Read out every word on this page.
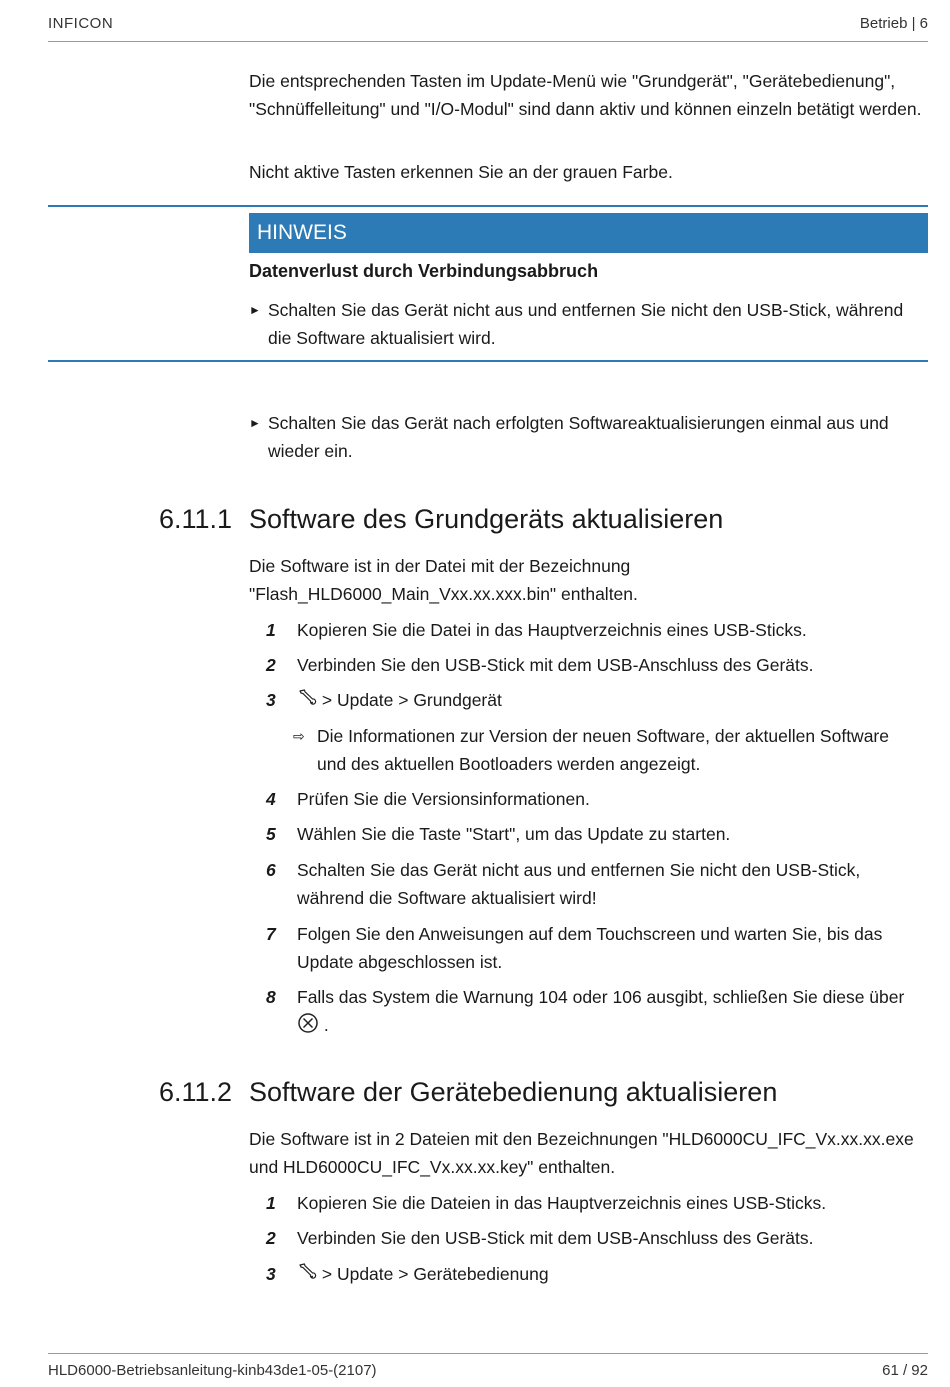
INFICON	Betrieb | 6

Die entsprechenden Tasten im Update-Menü wie "Grundgerät", "Gerätebedienung", "Schnüffelleitung" und "I/O-Modul" sind dann aktiv und können einzeln betätigt werden.

Nicht aktive Tasten erkennen Sie an der grauen Farbe.

HINWEIS
Datenverlust durch Verbindungsabbruch
► Schalten Sie das Gerät nicht aus und entfernen Sie nicht den USB-Stick, während die Software aktualisiert wird.
► Schalten Sie das Gerät nach erfolgten Softwareaktualisierungen einmal aus und wieder ein.
6.11.1 Software des Grundgeräts aktualisieren

Die Software ist in der Datei mit der Bezeichnung "Flash_HLD6000_Main_Vxx.xx.xxx.bin" enthalten.

1 Kopieren Sie die Datei in das Hauptverzeichnis eines USB-Sticks.
2 Verbinden Sie den USB-Stick mit dem USB-Anschluss des Geräts.
3	> Update > Grundgerät
⇨ Die Informationen zur Version der neuen Software, der aktuellen Software und des aktuellen Bootloaders werden angezeigt.
4 Prüfen Sie die Versionsinformationen.
5 Wählen Sie die Taste "Start", um das Update zu starten.
6 Schalten Sie das Gerät nicht aus und entfernen Sie nicht den USB-Stick, während die Software aktualisiert wird!
7 Folgen Sie den Anweisungen auf dem Touchscreen und warten Sie, bis das Update abgeschlossen ist.
8 Falls das System die Warnung 104 oder 106 ausgibt, schließen Sie diese über
.
6.11.2 Software der Gerätebedienung aktualisieren

Die Software ist in 2 Dateien mit den Bezeichnungen "HLD6000CU_IFC_Vx.xx.xx.exe und HLD6000CU_IFC_Vx.xx.xx.key" enthalten.

1 Kopieren Sie die Dateien in das Hauptverzeichnis eines USB-Sticks.
2 Verbinden Sie den USB-Stick mit dem USB-Anschluss des Geräts.
3	> Update > Gerätebedienung
HLD6000-Betriebsanleitung-kinb43de1-05-(2107)	61 / 92
